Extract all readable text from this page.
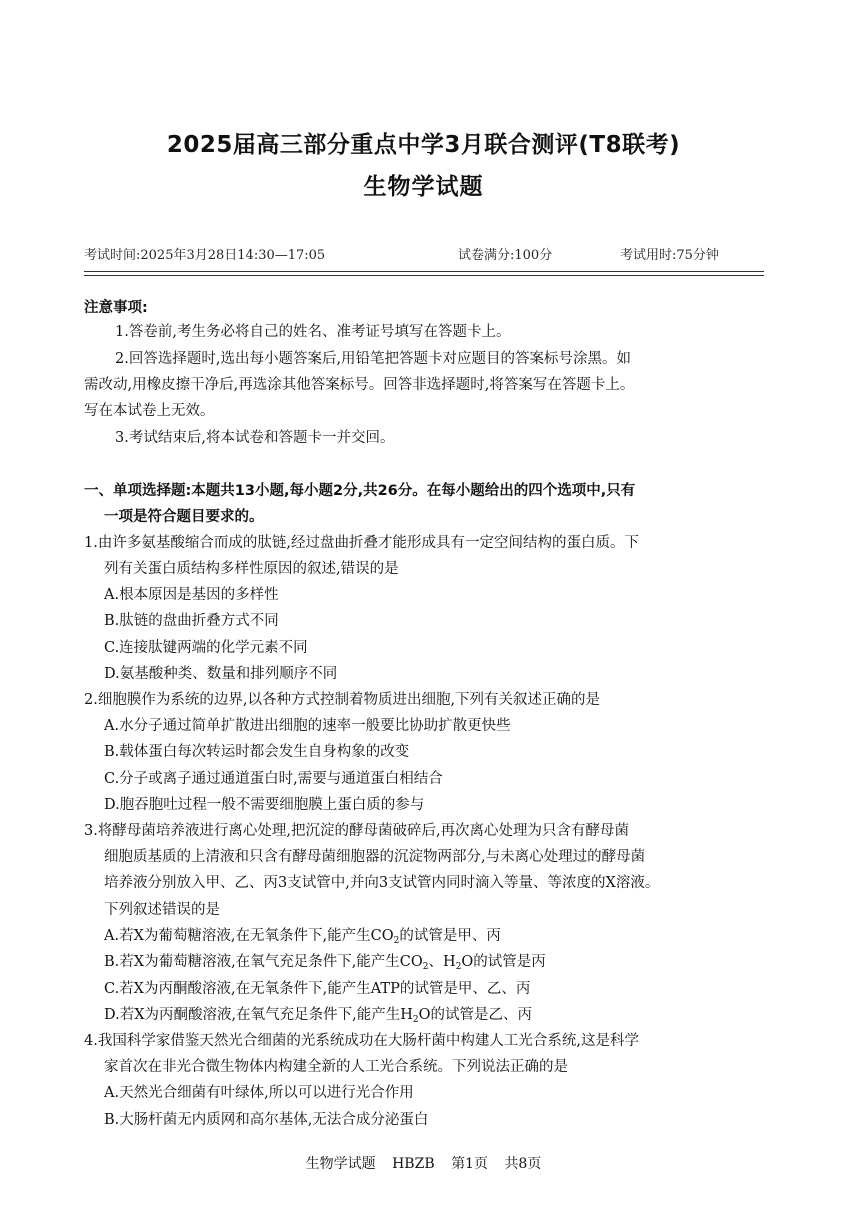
2025届高三部分重点中学3月联合测评(T8联考)
生物学试题
考试时间:2025年3月28日14:30—17:05	试卷满分:100分	考试用时:75分钟
注意事项:
1.答卷前,考生务必将自己的姓名、准考证号填写在答题卡上。
2.回答选择题时,选出每小题答案后,用铅笔把答题卡对应题目的答案标号涂黑。如
需改动,用橡皮擦干净后,再选涂其他答案标号。回答非选择题时,将答案写在答题卡上。
写在本试卷上无效。
3.考试结束后,将本试卷和答题卡一并交回。
一、单项选择题:本题共13小题,每小题2分,共26分。在每小题给出的四个选项中,只有
一项是符合题目要求的。
1.由许多氨基酸缩合而成的肽链,经过盘曲折叠才能形成具有一定空间结构的蛋白质。下
列有关蛋白质结构多样性原因的叙述,错误的是
A.根本原因是基因的多样性
B.肽链的盘曲折叠方式不同
C.连接肽键两端的化学元素不同
D.氨基酸种类、数量和排列顺序不同
2.细胞膜作为系统的边界,以各种方式控制着物质进出细胞,下列有关叙述正确的是
A.水分子通过简单扩散进出细胞的速率一般要比协助扩散更快些
B.载体蛋白每次转运时都会发生自身构象的改变
C.分子或离子通过通道蛋白时,需要与通道蛋白相结合
D.胞吞胞吐过程一般不需要细胞膜上蛋白质的参与
3.将酵母菌培养液进行离心处理,把沉淀的酵母菌破碎后,再次离心处理为只含有酵母菌
细胞质基质的上清液和只含有酵母菌细胞器的沉淀物两部分,与未离心处理过的酵母菌
培养液分别放入甲、乙、丙3支试管中,并向3支试管内同时滴入等量、等浓度的X溶液。
下列叙述错误的是
A.若X为葡萄糖溶液,在无氧条件下,能产生$CO_2$的试管是甲、丙
B.若X为葡萄糖溶液,在氧气充足条件下,能产生$CO_2$、$H_2O$的试管是丙
C.若X为丙酮酸溶液,在无氧条件下,能产生ATP的试管是甲、乙、丙
D.若X为丙酮酸溶液,在氧气充足条件下,能产生$H_2O$的试管是乙、丙
4.我国科学家借鉴天然光合细菌的光系统成功在大肠杆菌中构建人工光合系统,这是科学
家首次在非光合微生物体内构建全新的人工光合系统。下列说法正确的是
A.天然光合细菌有叶绿体,所以可以进行光合作用
B.大肠杆菌无内质网和高尔基体,无法合成分泌蛋白
生物学试题 HBZB 第1页 共8页
